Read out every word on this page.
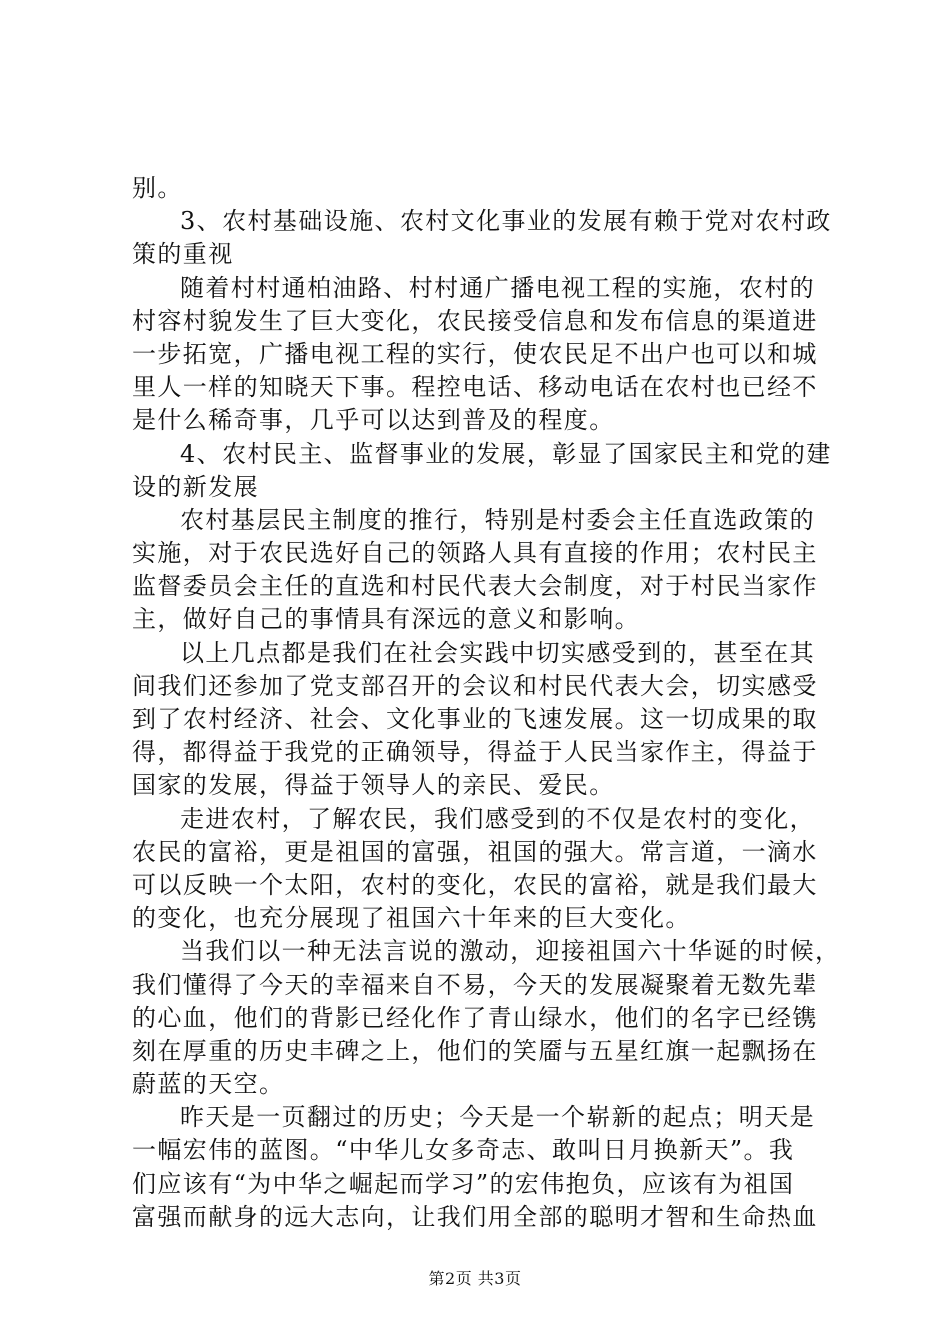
别。
3、农村基础设施、农村文化事业的发展有赖于党对农村政
策的重视
随着村村通柏油路、村村通广播电视工程的实施，农村的
村容村貌发生了巨大变化，农民接受信息和发布信息的渠道进
一步拓宽，广播电视工程的实行，使农民足不出户也可以和城
里人一样的知晓天下事。程控电话、移动电话在农村也已经不
是什么稀奇事，几乎可以达到普及的程度。
4、农村民主、监督事业的发展，彰显了国家民主和党的建
设的新发展
农村基层民主制度的推行，特别是村委会主任直选政策的
实施，对于农民选好自己的领路人具有直接的作用；农村民主
监督委员会主任的直选和村民代表大会制度，对于村民当家作
主，做好自己的事情具有深远的意义和影响。
以上几点都是我们在社会实践中切实感受到的，甚至在其
间我们还参加了党支部召开的会议和村民代表大会，切实感受
到了农村经济、社会、文化事业的飞速发展。这一切成果的取
得，都得益于我党的正确领导，得益于人民当家作主，得益于
国家的发展，得益于领导人的亲民、爱民。
走进农村，了解农民，我们感受到的不仅是农村的变化，
农民的富裕，更是祖国的富强，祖国的强大。常言道，一滴水
可以反映一个太阳，农村的变化，农民的富裕，就是我们最大
的变化，也充分展现了祖国六十年来的巨大变化。
当我们以一种无法言说的激动，迎接祖国六十华诞的时候，
我们懂得了今天的幸福来自不易，今天的发展凝聚着无数先辈
的心血，他们的背影已经化作了青山绿水，他们的名字已经镌
刻在厚重的历史丰碑之上，他们的笑靥与五星红旗一起飘扬在
蔚蓝的天空。
昨天是一页翻过的历史；今天是一个崭新的起点；明天是
一幅宏伟的蓝图。“中华儿女多奇志、敢叫日月换新天”。我
们应该有“为中华之崛起而学习”的宏伟抱负，应该有为祖国
富强而献身的远大志向，让我们用全部的聪明才智和生命热血
第2页 共3页
